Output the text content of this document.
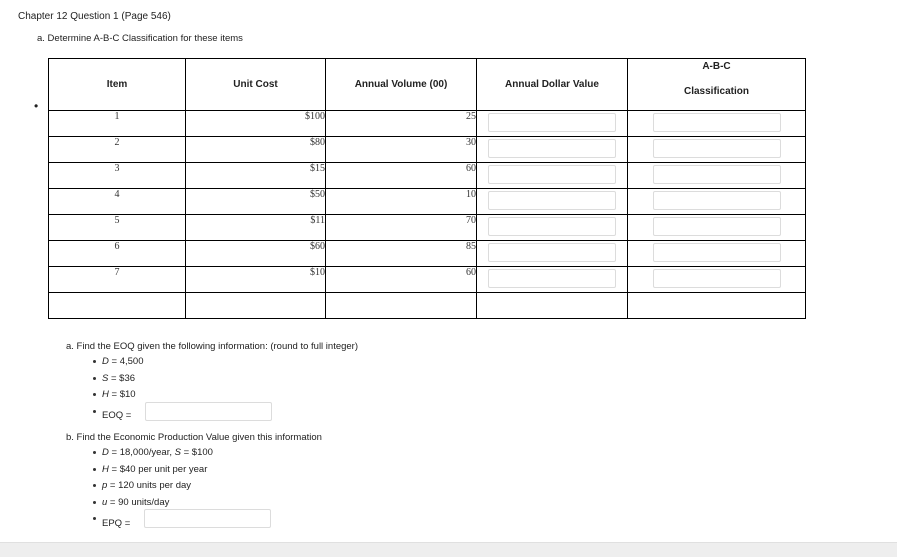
Chapter 12 Question 1 (Page 546)
a. Determine A-B-C Classification for these items
•
Item	Unit Cost	Annual Volume (00)	Annual Dollar Value	A-B-C
Classification

1	$100	25	

2	$80	30	

3	$15	60	

4	$50	10	

5	$11	70	

6	$60	85	

7	$10	60	

a. Find the EOQ given the following information: (round to full integer)
D = 4,500
S = $36
H = $10
EOQ =
b. Find the Economic Production Value given this information
D = 18,000/year, S = $100
H = $40 per unit per year
p = 120 units per day
u = 90 units/day
EPQ =
